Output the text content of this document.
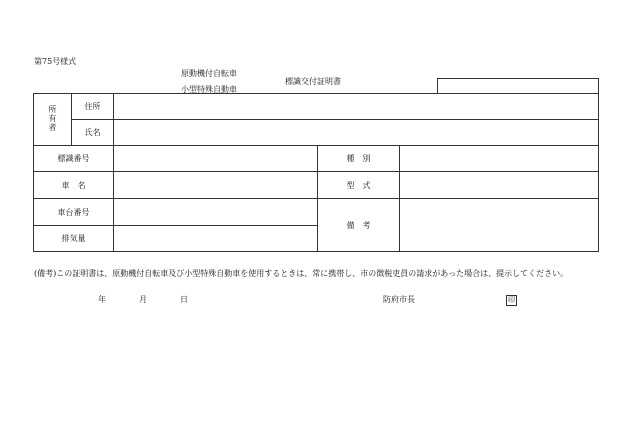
第75号様式
原動機付自転車
小型特殊自動車
標識交付証明書
所有者	住所			
	氏名			
標識番号			種　別	
車　名			型　式	
車台番号			備　考	
排気量				
(備考)この証明書は、原動機付自転車及び小型特殊自動車を使用するときは、常に携帯し、市の徴税吏員の請求があった場合は、提示してください。
年	月	日	防府市長	印
